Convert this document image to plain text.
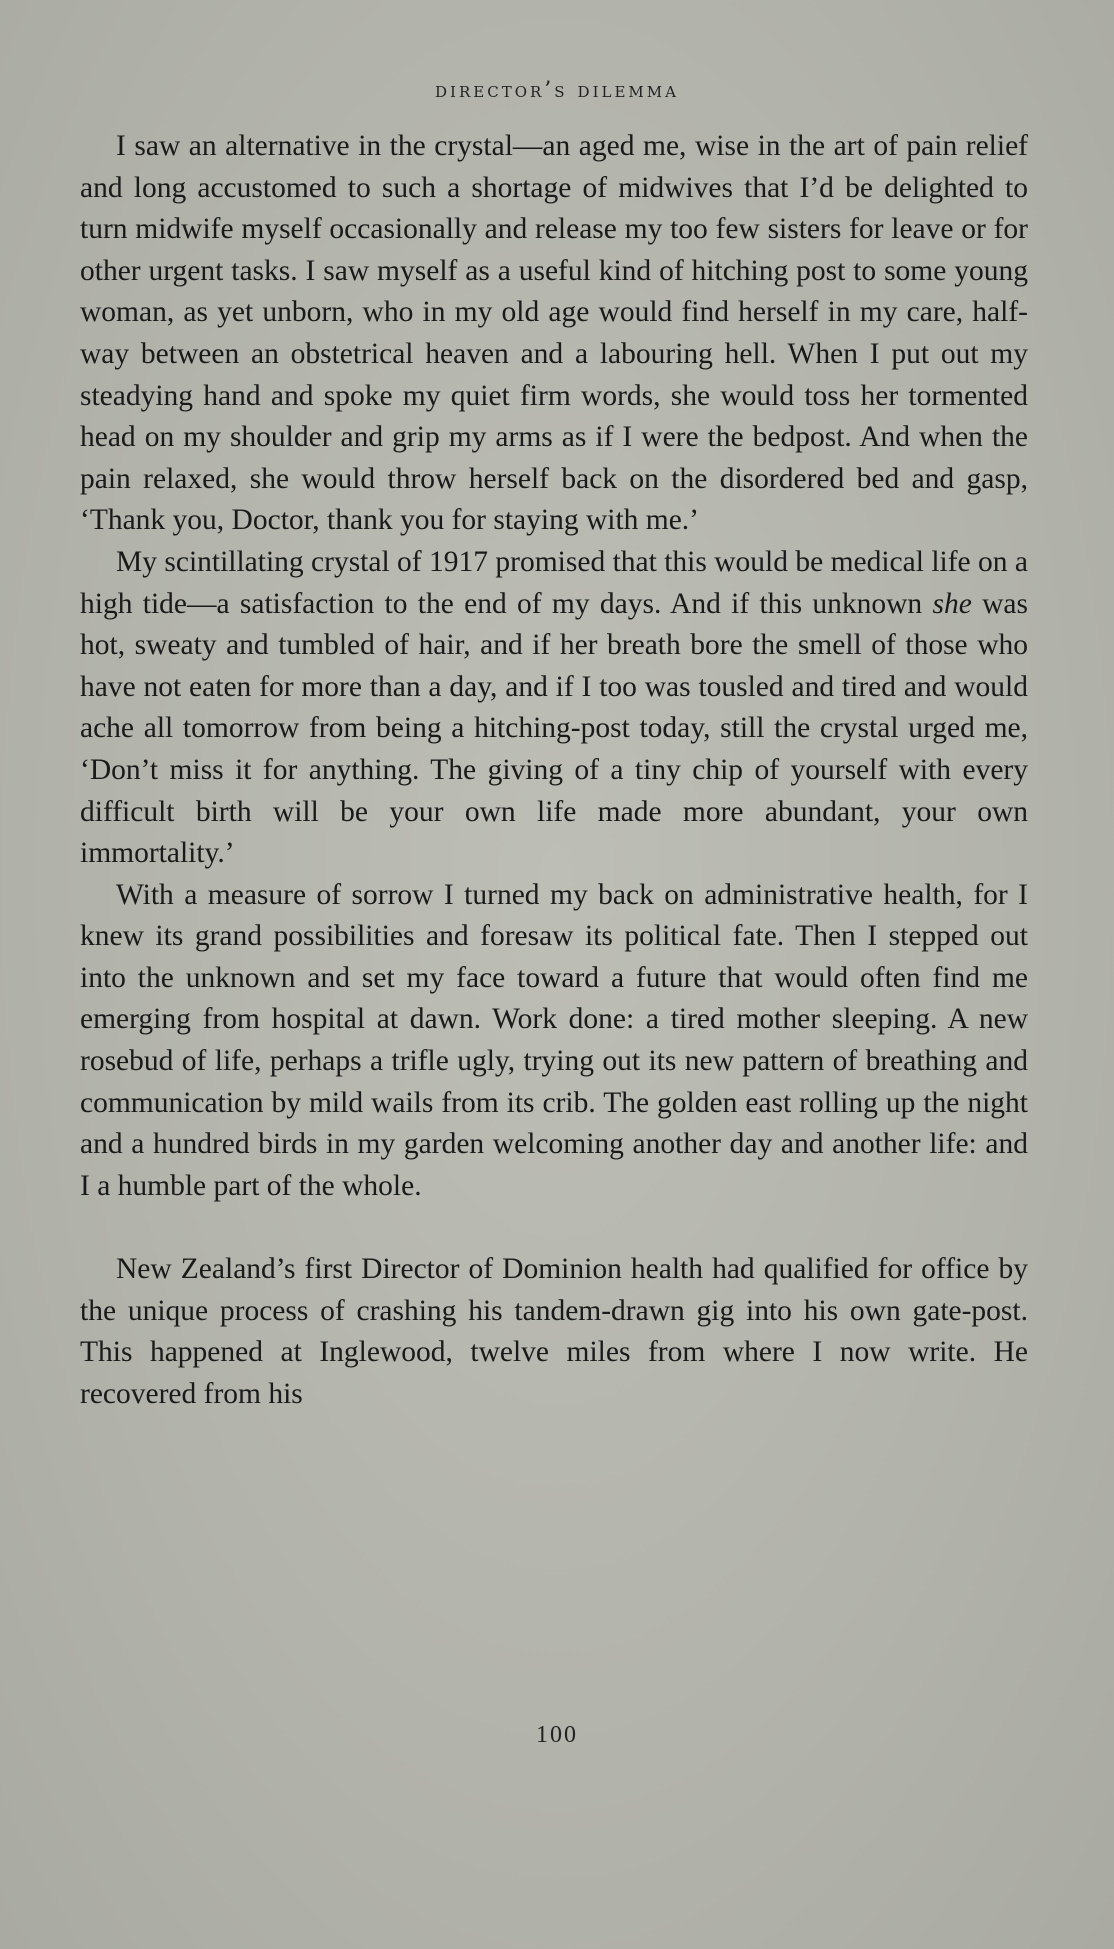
director’s dilemma

I saw an alternative in the crystal—an aged me, wise in the art of pain relief and long accustomed to such a shortage of midwives that I’d be delighted to turn midwife myself occasionally and release my too few sisters for leave or for other urgent tasks. I saw myself as a useful kind of hitching post to some young woman, as yet unborn, who in my old age would find herself in my care, half-way between an obstetrical heaven and a labouring hell. When I put out my steadying hand and spoke my quiet firm words, she would toss her tormented head on my shoulder and grip my arms as if I were the bedpost. And when the pain relaxed, she would throw herself back on the disordered bed and gasp, ‘Thank you, Doctor, thank you for staying with me.’

My scintillating crystal of 1917 promised that this would be medical life on a high tide—a satisfaction to the end of my days. And if this unknown she was hot, sweaty and tumbled of hair, and if her breath bore the smell of those who have not eaten for more than a day, and if I too was tousled and tired and would ache all tomorrow from being a hitching-post today, still the crystal urged me, ‘Don’t miss it for anything. The giving of a tiny chip of yourself with every difficult birth will be your own life made more abundant, your own immortality.’

With a measure of sorrow I turned my back on administrative health, for I knew its grand possibilities and foresaw its political fate. Then I stepped out into the unknown and set my face toward a future that would often find me emerging from hospital at dawn. Work done: a tired mother sleeping. A new rosebud of life, perhaps a trifle ugly, trying out its new pattern of breathing and communication by mild wails from its crib. The golden east rolling up the night and a hundred birds in my garden welcoming another day and another life: and I a humble part of the whole.

New Zealand’s first Director of Dominion health had qualified for office by the unique process of crashing his tandem-drawn gig into his own gate-post. This happened at Inglewood, twelve miles from where I now write. He recovered from his

100
